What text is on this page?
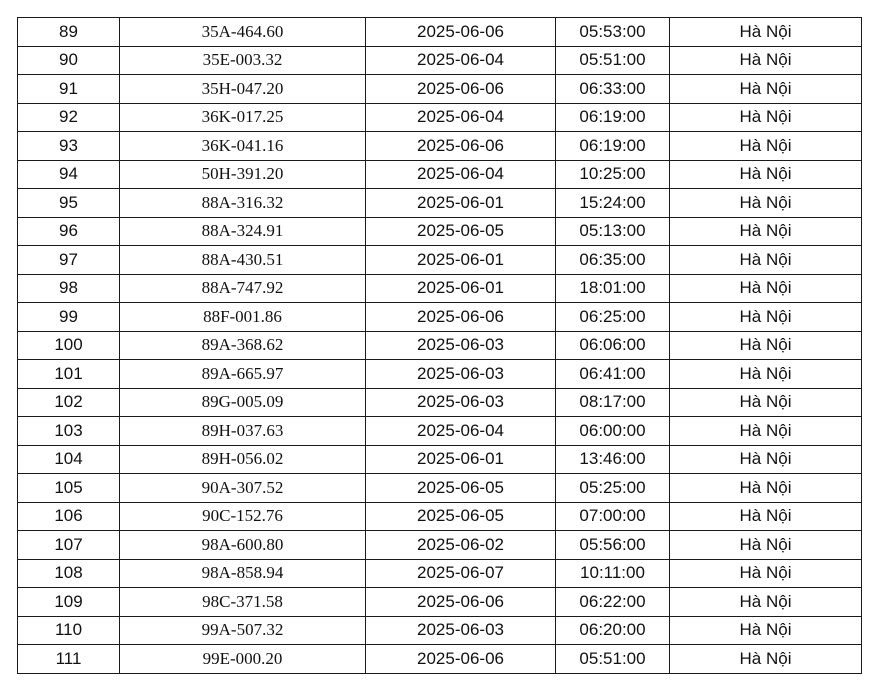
89	35A-464.60	2025-06-06	05:53:00	Hà Nội
90	35E-003.32	2025-06-04	05:51:00	Hà Nội
91	35H-047.20	2025-06-06	06:33:00	Hà Nội
92	36K-017.25	2025-06-04	06:19:00	Hà Nội
93	36K-041.16	2025-06-06	06:19:00	Hà Nội
94	50H-391.20	2025-06-04	10:25:00	Hà Nội
95	88A-316.32	2025-06-01	15:24:00	Hà Nội
96	88A-324.91	2025-06-05	05:13:00	Hà Nội
97	88A-430.51	2025-06-01	06:35:00	Hà Nội
98	88A-747.92	2025-06-01	18:01:00	Hà Nội
99	88F-001.86	2025-06-06	06:25:00	Hà Nội
100	89A-368.62	2025-06-03	06:06:00	Hà Nội
101	89A-665.97	2025-06-03	06:41:00	Hà Nội
102	89G-005.09	2025-06-03	08:17:00	Hà Nội
103	89H-037.63	2025-06-04	06:00:00	Hà Nội
104	89H-056.02	2025-06-01	13:46:00	Hà Nội
105	90A-307.52	2025-06-05	05:25:00	Hà Nội
106	90C-152.76	2025-06-05	07:00:00	Hà Nội
107	98A-600.80	2025-06-02	05:56:00	Hà Nội
108	98A-858.94	2025-06-07	10:11:00	Hà Nội
109	98C-371.58	2025-06-06	06:22:00	Hà Nội
110	99A-507.32	2025-06-03	06:20:00	Hà Nội
111	99E-000.20	2025-06-06	05:51:00	Hà Nội
